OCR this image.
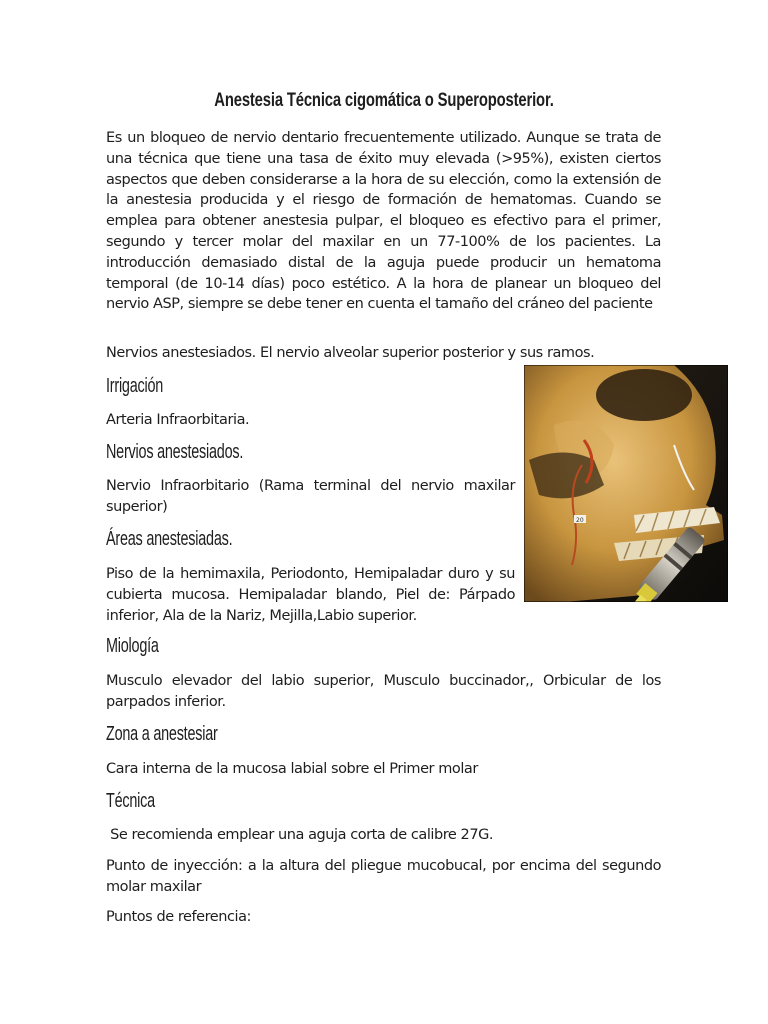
Anestesia Técnica cigomática o Superoposterior.

Es un bloqueo de nervio dentario frecuentemente utilizado. Aunque se trata de una técnica que tiene una tasa de éxito muy elevada (>95%), existen ciertos aspectos que deben considerarse a la hora de su elección, como la extensión de la anestesia producida y el riesgo de formación de hematomas. Cuando se emplea para obtener anestesia pulpar, el bloqueo es efectivo para el primer, segundo y tercer molar del maxilar en un 77-100% de los pacientes. La introducción demasiado distal de la aguja puede producir un hematoma temporal (de 10-14 días) poco estético. A la hora de planear un bloqueo del nervio ASP, siempre se debe tener en cuenta el tamaño del cráneo del paciente

Nervios anestesiados. El nervio alveolar superior posterior y sus ramos.

Irrigación

Arteria Infraorbitaria.

Nervios anestesiados.

Nervio Infraorbitario (Rama terminal del nervio maxilar superior)

Áreas anestesiadas.

Piso de la hemimaxila, Periodonto, Hemipaladar duro y su cubierta mucosa. Hemipaladar blando, Piel de: Párpado inferior, Ala de la Nariz, Mejilla,Labio superior.

Miología

Musculo elevador del labio superior, Musculo buccinador,, Orbicular de los parpados inferior.

Zona a anestesiar

Cara interna de la mucosa labial sobre el Primer molar

Técnica

Se recomienda emplear una aguja corta de calibre 27G.

Punto de inyección: a la altura del pliegue mucobucal, por encima del segundo molar maxilar

Puntos de referencia:

20
